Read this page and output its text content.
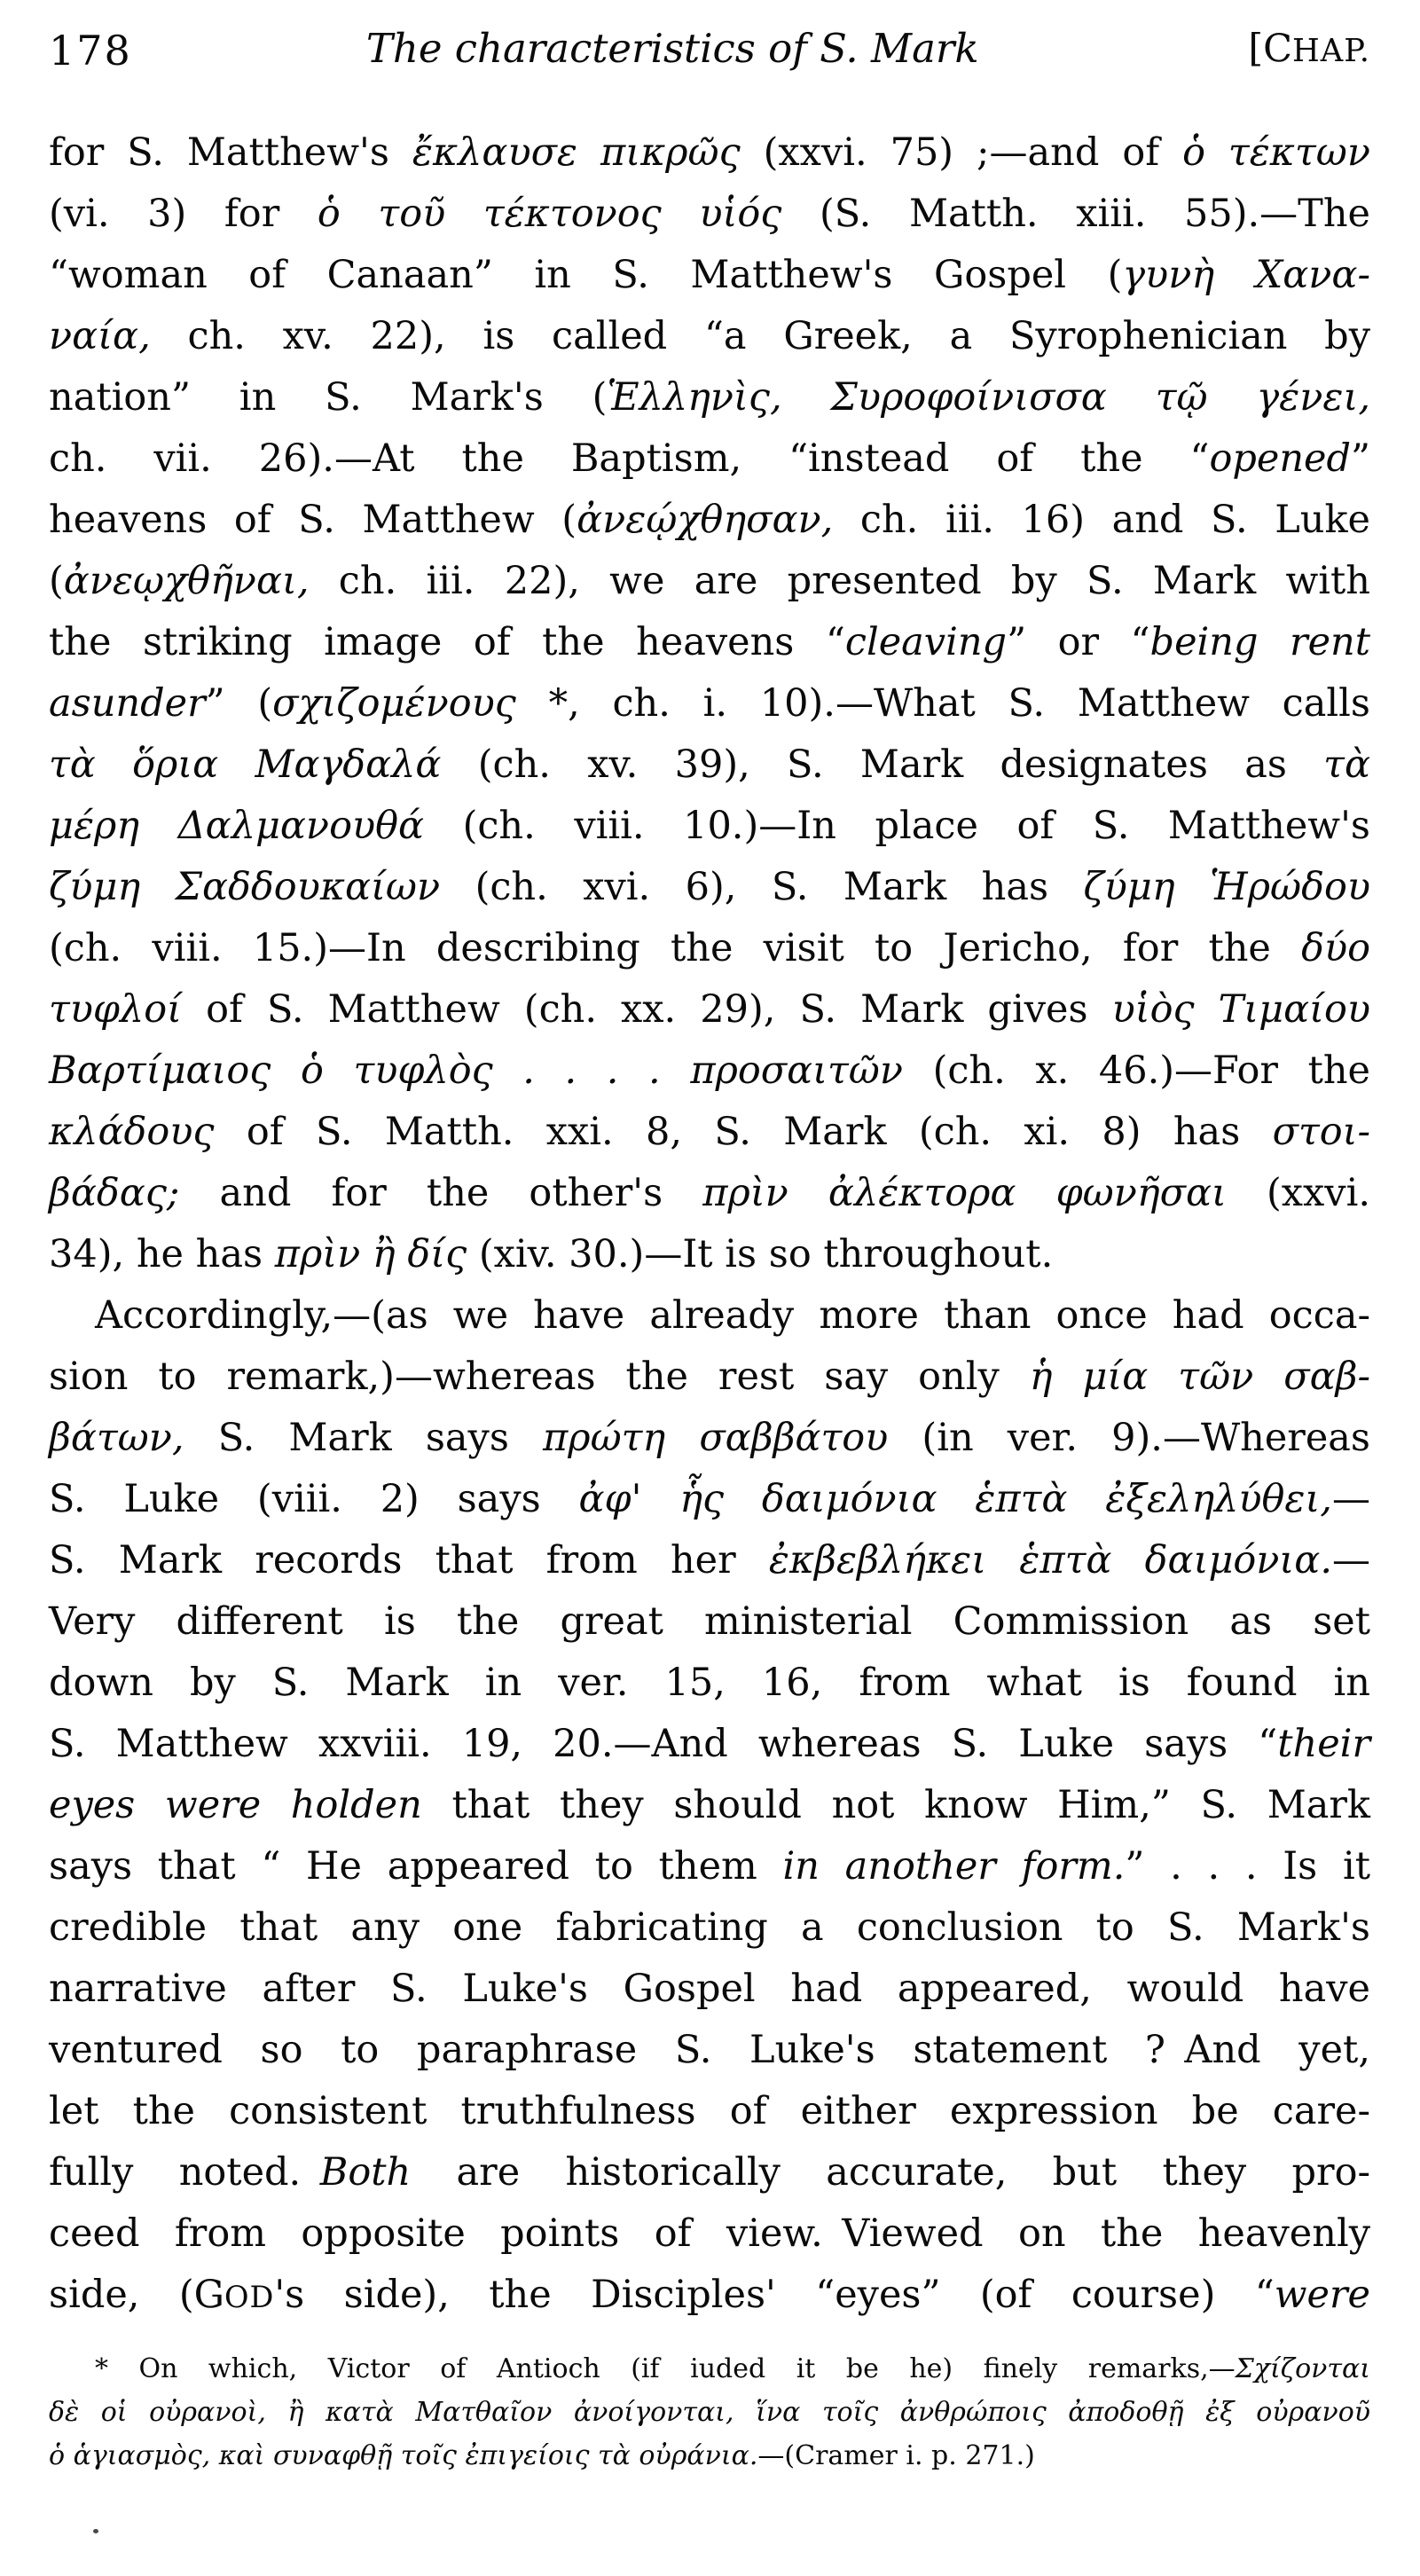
178	The characteristics of S. Mark	[CHAP.
for S. Matthew's ἔκλαυσε πικρῶς (xxvi. 75) ;—and of ὁ τέκτων
(vi. 3) for ὁ τοῦ τέκτονος υἱός (S. Matth. xiii. 55).—The
“woman of Canaan” in S. Matthew's Gospel (γυνὴ Χανα-
ναία, ch. xv. 22), is called “a Greek, a Syrophenician by
nation” in S. Mark's (Ἑλληνὶς, Συροφοίνισσα τῷ γένει,
ch. vii. 26).—At the Baptism, “instead of the “opened”
heavens of S. Matthew (ἀνεῴχθησαν, ch. iii. 16) and S. Luke
(ἀνεῳχθῆναι, ch. iii. 22), we are presented by S. Mark with
the striking image of the heavens “cleaving” or “being rent
asunder” (σχιζομένους *, ch. i. 10).—What S. Matthew calls
τὰ ὅρια Μαγδαλά (ch. xv. 39), S. Mark designates as τὰ
μέρη Δαλμανουθά (ch. viii. 10.)—In place of S. Matthew's
ζύμη Σαδδουκαίων (ch. xvi. 6), S. Mark has ζύμη Ἡρώδου
(ch. viii. 15.)—In describing the visit to Jericho, for the δύο
τυφλοί of S. Matthew (ch. xx. 29), S. Mark gives υἱὸς Τιμαίου
Βαρτίμαιος ὁ τυφλὸς . . . . προσαιτῶν (ch. x. 46.)—For the
κλάδους of S. Matth. xxi. 8, S. Mark (ch. xi. 8) has στοι-
βάδας; and for the other's πρὶν ἀλέκτορα φωνῆσαι (xxvi.
34), he has πρὶν ἢ δίς (xiv. 30.)—It is so throughout.
Accordingly,—(as we have already more than once had occa-
sion to remark,)—whereas the rest say only ἡ μία τῶν σαβ-
βάτων, S. Mark says πρώτη σαββάτου (in ver. 9).—Whereas
S. Luke (viii. 2) says ἀφ' ἧς δαιμόνια ἑπτὰ ἐξεληλύθει,—
S. Mark records that from her ἐκβεβλήκει ἑπτὰ δαιμόνια.—
Very different is the great ministerial Commission as set
down by S. Mark in ver. 15, 16, from what is found in
S. Matthew xxviii. 19, 20.—And whereas S. Luke says “their
eyes were holden that they should not know Him,” S. Mark
says that “ He appeared to them in another form.” . . . Is it
credible that any one fabricating a conclusion to S. Mark's
narrative after S. Luke's Gospel had appeared, would have
ventured so to paraphrase S. Luke's statement ? And yet,
let the consistent truthfulness of either expression be care-
fully noted. Both are historically accurate, but they pro-
ceed from opposite points of view. Viewed on the heavenly
side, (GOD's side), the Disciples' “eyes” (of course) “were
* On which, Victor of Antioch (if iuded it be he) finely remarks,—Σχίζονται
δὲ οἱ οὐρανοὶ, ἢ κατὰ Ματθαῖον ἀνοίγονται, ἵνα τοῖς ἀνθρώποις ἀποδοθῇ ἐξ οὐρανοῦ
ὁ ἁγιασμὸς, καὶ συναφθῇ τοῖς ἐπιγείοις τὰ οὐράνια.—(Cramer i. p. 271.)
